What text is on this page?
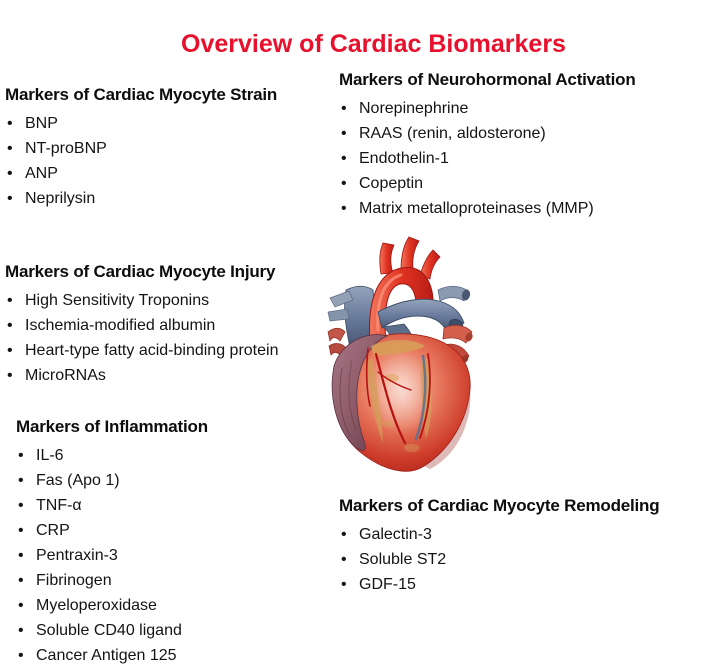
Overview of Cardiac Biomarkers
Markers of Cardiac Myocyte Strain
• BNP
• NT-proBNP
• ANP
• Neprilysin
Markers of Neurohormonal Activation
• Norepinephrine
• RAAS (renin, aldosterone)
• Endothelin-1
• Copeptin
• Matrix metalloproteinases (MMP)
Markers of Cardiac Myocyte Injury
• High Sensitivity Troponins
• Ischemia-modified albumin
• Heart-type fatty acid-binding protein
• MicroRNAs
Markers of Inflammation
• IL-6
• Fas (Apo 1)
• TNF-α
• CRP
• Pentraxin-3
• Fibrinogen
• Myeloperoxidase
• Soluble CD40 ligand
• Cancer Antigen 125
Markers of Cardiac Myocyte Remodeling
• Galectin-3
• Soluble ST2
• GDF-15
